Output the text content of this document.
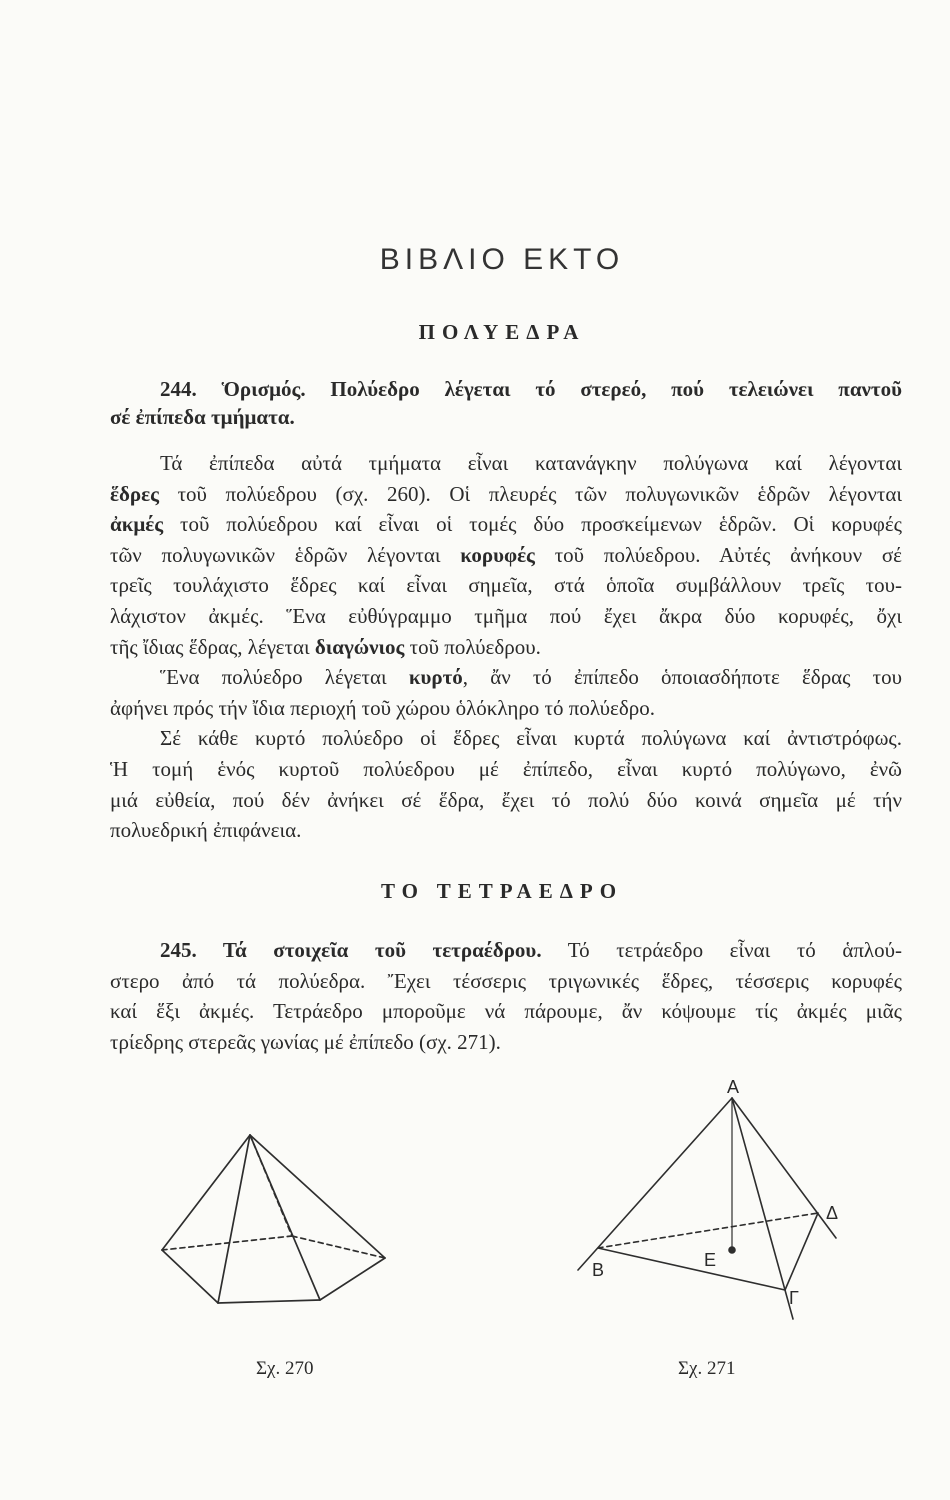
ΒΙΒΛΙΟ ΕΚΤΟ
ΠΟΛΥΕΔΡΑ
244. Ὁρισμός. Πολύεδρο λέγεται τό στερεό, πού τελειώνει παντοῦ
σέ ἐπίπεδα τμήματα.
Τά ἐπίπεδα αὐτά τμήματα εἶναι κατανάγκην πολύγωνα καί λέγονται
ἕδρες τοῦ πολύεδρου (σχ. 260). Οἱ πλευρές τῶν πολυγωνικῶν ἑδρῶν λέγονται
ἀκμές τοῦ πολύεδρου καί εἶναι οἱ τομές δύο προσκείμενων ἑδρῶν. Οἱ κορυφές
τῶν πολυγωνικῶν ἑδρῶν λέγονται κορυφές τοῦ πολύεδρου. Αὐτές ἀνήκουν σέ
τρεῖς τουλάχιστο ἕδρες καί εἶναι σημεῖα, στά ὁποῖα συμβάλλουν τρεῖς του-
λάχιστον ἀκμές. Ἕνα εὐθύγραμμο τμῆμα πού ἔχει ἄκρα δύο κορυφές, ὄχι
τῆς ἴδιας ἕδρας, λέγεται διαγώνιος τοῦ πολύεδρου.
Ἕνα πολύεδρο λέγεται κυρτό, ἄν τό ἐπίπεδο ὁποιασδήποτε ἕδρας του
ἀφήνει πρός τήν ἴδια περιοχή τοῦ χώρου ὁλόκληρο τό πολύεδρο.
Σέ κάθε κυρτό πολύεδρο οἱ ἕδρες εἶναι κυρτά πολύγωνα καί ἀντιστρόφως.
Ἡ τομή ἑνός κυρτοῦ πολύεδρου μέ ἐπίπεδο, εἶναι κυρτό πολύγωνο, ἐνῶ
μιά εὐθεία, πού δέν ἀνήκει σέ ἕδρα, ἔχει τό πολύ δύο κοινά σημεῖα μέ τήν
πολυεδρική ἐπιφάνεια.
ΤΟ ΤΕΤΡΑΕΔΡΟ
245. Τά στοιχεῖα τοῦ τετραέδρου. Τό τετράεδρο εἶναι τό ἁπλού-
στερο ἀπό τά πολύεδρα. Ἔχει τέσσερις τριγωνικές ἕδρες, τέσσερις κορυφές
καί ἕξι ἀκμές. Τετράεδρο μποροῦμε νά πάρουμε, ἄν κόψουμε τίς ἀκμές μιᾶς
τρίεδρης στερεᾶς γωνίας μέ ἐπίπεδο (σχ. 271).
Α
Β	Ε
Γ
Δ
Σχ. 270	Σχ. 271
